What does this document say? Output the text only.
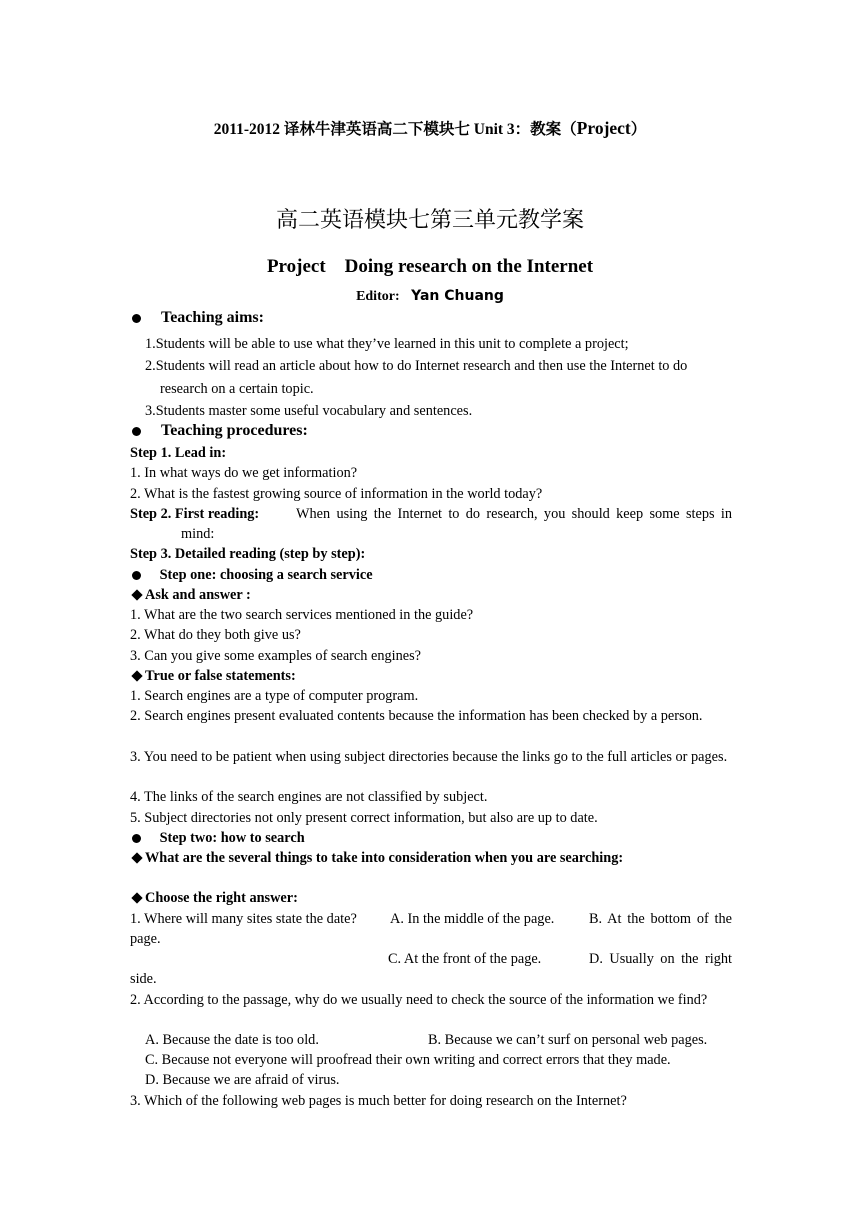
2011-2012 译林牛津英语高二下模块七 Unit 3：教案（Project）
高二英语模块七第三单元教学案
Project　Doing research on the Internet
Editor: Yan Chuang
Teaching aims:
1.Students will be able to use what they’ve learned in this unit to complete a project;
2.Students will read an article about how to do Internet research and then use the Internet to do
research on a certain topic.
3.Students master some useful vocabulary and sentences.
Teaching procedures:
Step 1. Lead in:
1. In what ways do we get information?
2. What is the fastest growing source of information in the world today?
Step 2. First reading:	When using the Internet to do research, you should keep some steps in
mind:
Step 3. Detailed reading (step by step):
Step one: choosing a search service
Ask and answer :
1. What are the two search services mentioned in the guide?
2. What do they both give us?
3. Can you give some examples of search engines?
True or false statements:
1. Search engines are a type of computer program.
2. Search engines present evaluated contents because the information has been checked by a person.
3. You need to be patient when using subject directories because the links go to the full articles or pages.
4. The links of the search engines are not classified by subject.
5. Subject directories not only present correct information, but also are up to date.
Step two: how to search
What are the several things to take into consideration when you are searching:
Choose the right answer:
1. Where will many sites state the date? A. In the middle of the page. B. At the bottom of the
page.
C. At the front of the page.	D. Usually on the right
side.
2. According to the passage, why do we usually need to check the source of the information we find?
A. Because the date is too old.	B. Because we can’t surf on personal web pages.
C. Because not everyone will proofread their own writing and correct errors that they made.
D. Because we are afraid of virus.
3. Which of the following web pages is much better for doing research on the Internet?
